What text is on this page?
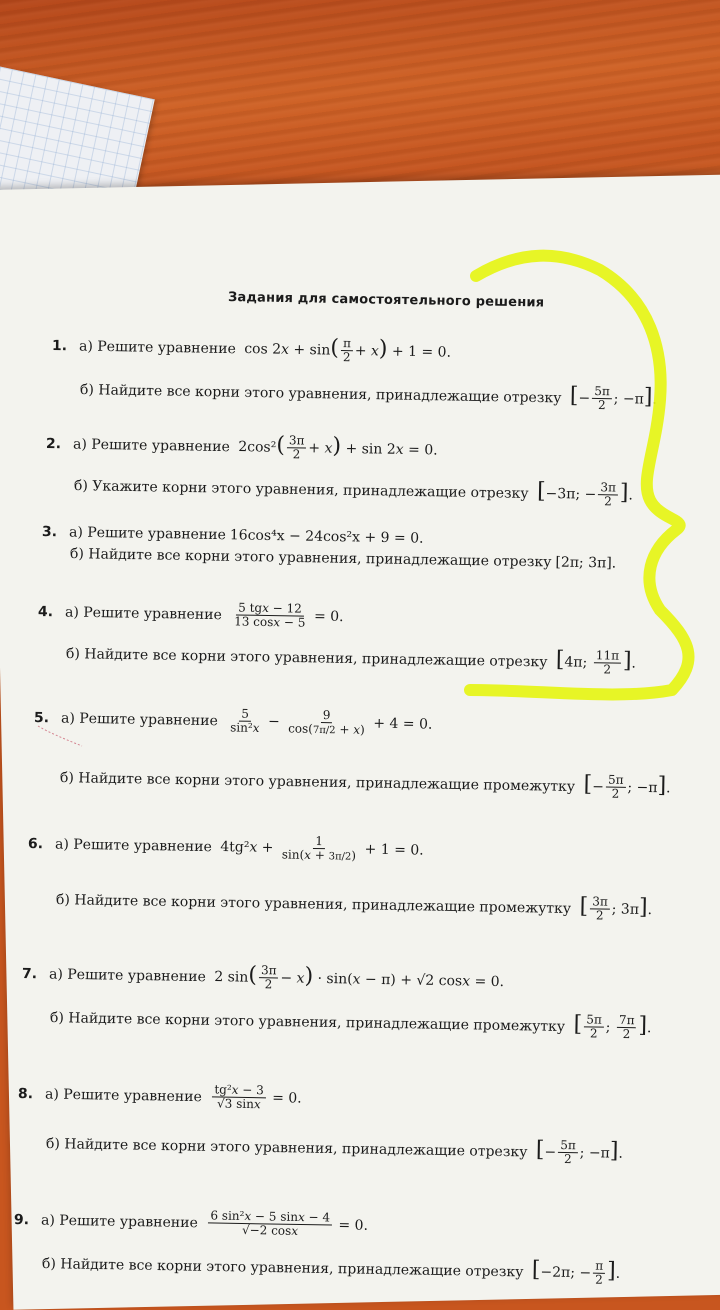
Задания для самостоятельного решения
1. а) Решите уравнение $\cos 2x + \sin( \frac{\pi}{2} + x) + 1 = 0$.
б) Найдите все корни этого уравнения, принадлежащие отрезку [− $\frac{5\pi}{2}$ ; −π].
2. а) Решите уравнение $2\cos^2( \frac{3\pi}{2} + x) + \sin 2x = 0$.
б) Укажите корни этого уравнения, принадлежащие отрезку [−3π; − $\frac{3\pi}{2}$ ].
3. а) Решите уравнение 16cos⁴x − 24cos²x + 9 = 0.
б) Найдите все корни этого уравнения, принадлежащие отрезку [2π; 3π].
4. а) Решите уравнение
$\frac{\text{5 tgx − 12}}{13 \cos x - 5} = 0$.
б) Найдите все корни этого уравнения, принадлежащие отрезку [4π; $\frac{11\pi}{2}$ ].
5. а) Решите уравнение
$\frac{5}{\text{sin²x}} - \frac{9}{\cos(7\pi/2 + x)} + 4 = 0$.
б) Найдите все корни этого уравнения, принадлежащие промежутку [− $\frac{5\pi}{2}$ ; −π].
6. а) Решите уравнение $4tg^2x + \frac{1}{\sin(x + 3\pi/2)} + 1 = 0$.
б) Найдите все корни этого уравнения, принадлежащие промежутку [ $\frac{3\pi}{2}$ ; 3π].
7. а) Решите уравнение 2 $\sin( \frac{3\pi}{2} - x) \cdot \sin(x - \pi) + √2$ cosx = 0.
б) Найдите все корни этого уравнения, принадлежащие промежутку [ $\frac{5\pi}{2}$ ; $\frac{7\pi}{2}$ ].
8. а) Решите уравнение
$\frac{\text{tg²x − 3}}{√3 \sin x} = 0$.
б) Найдите все корни этого уравнения, принадлежащие отрезку [− $\frac{5\pi}{2}$ ; −π].
9. а) Решите уравнение
$\frac{\text{6 sin²x − 5 sinx − 4}}{√-2 \cos x} = 0$.
б) Найдите все корни этого уравнения, принадлежащие отрезку [−2π; − $\frac{\pi}{2}$ ].
